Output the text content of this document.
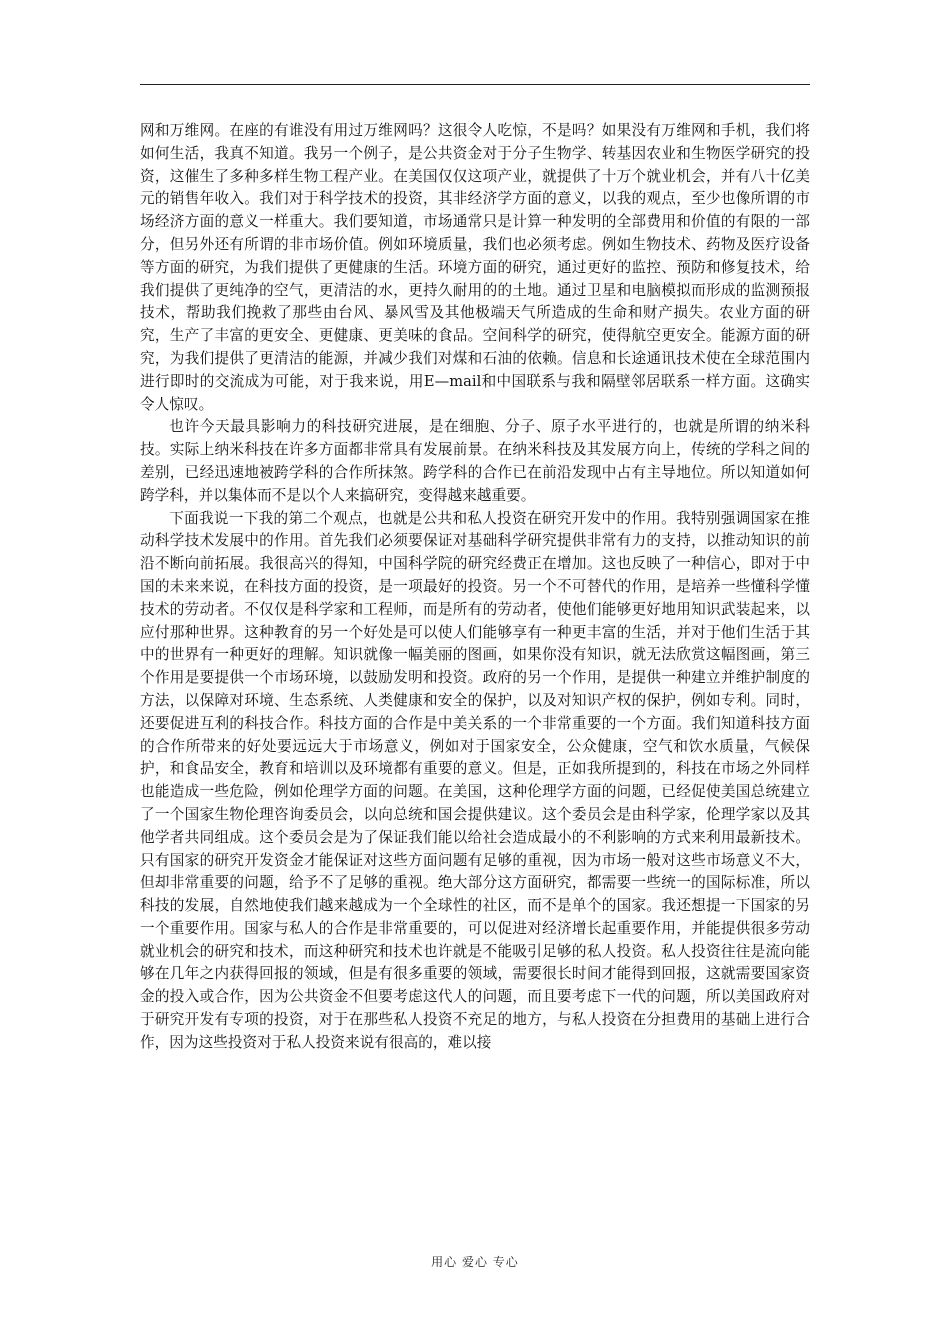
网和万维网。在座的有谁没有用过万维网吗？这很令人吃惊，不是吗？如果没有万维网和手机，我们将如何生活，我真不知道。我另一个例子，是公共资金对于分子生物学、转基因农业和生物医学研究的投资，这催生了多种多样生物工程产业。在美国仅仅这项产业，就提供了十万个就业机会，并有八十亿美元的销售年收入。我们对于科学技术的投资，其非经济学方面的意义，以我的观点，至少也像所谓的市场经济方面的意义一样重大。我们要知道，市场通常只是计算一种发明的全部费用和价值的有限的一部分，但另外还有所谓的非市场价值。例如环境质量，我们也必须考虑。例如生物技术、药物及医疗设备等方面的研究，为我们提供了更健康的生活。环境方面的研究，通过更好的监控、预防和修复技术，给我们提供了更纯净的空气，更清洁的水，更持久耐用的的土地。通过卫星和电脑模拟而形成的监测预报技术，帮助我们挽救了那些由台风、暴风雪及其他极端天气所造成的生命和财产损失。农业方面的研究，生产了丰富的更安全、更健康、更美味的食品。空间科学的研究，使得航空更安全。能源方面的研究，为我们提供了更清洁的能源，并减少我们对煤和石油的依赖。信息和长途通讯技术使在全球范围内进行即时的交流成为可能，对于我来说，用E—mail和中国联系与我和隔壁邻居联系一样方面。这确实令人惊叹。

也许今天最具影响力的科技研究进展，是在细胞、分子、原子水平进行的，也就是所谓的纳米科技。实际上纳米科技在许多方面都非常具有发展前景。在纳米科技及其发展方向上，传统的学科之间的差别，已经迅速地被跨学科的合作所抹煞。跨学科的合作已在前沿发现中占有主导地位。所以知道如何跨学科，并以集体而不是以个人来搞研究，变得越来越重要。

下面我说一下我的第二个观点，也就是公共和私人投资在研究开发中的作用。我特别强调国家在推动科学技术发展中的作用。首先我们必须要保证对基础科学研究提供非常有力的支持，以推动知识的前沿不断向前拓展。我很高兴的得知，中国科学院的研究经费正在增加。这也反映了一种信心，即对于中国的未来来说，在科技方面的投资，是一项最好的投资。另一个不可替代的作用，是培养一些懂科学懂技术的劳动者。不仅仅是科学家和工程师，而是所有的劳动者，使他们能够更好地用知识武装起来，以应付那种世界。这种教育的另一个好处是可以使人们能够享有一种更丰富的生活，并对于他们生活于其中的世界有一种更好的理解。知识就像一幅美丽的图画，如果你没有知识，就无法欣赏这幅图画，第三个作用是要提供一个市场环境，以鼓励发明和投资。政府的另一个作用，是提供一种建立并维护制度的方法，以保障对环境、生态系统、人类健康和安全的保护，以及对知识产权的保护，例如专利。同时，还要促进互利的科技合作。科技方面的合作是中美关系的一个非常重要的一个方面。我们知道科技方面的合作所带来的好处要远远大于市场意义，例如对于国家安全，公众健康，空气和饮水质量，气候保护，和食品安全，教育和培训以及环境都有重要的意义。但是，正如我所提到的，科技在市场之外同样也能造成一些危险，例如伦理学方面的问题。在美国，这种伦理学方面的问题，已经促使美国总统建立了一个国家生物伦理咨询委员会，以向总统和国会提供建议。这个委员会是由科学家，伦理学家以及其他学者共同组成。这个委员会是为了保证我们能以给社会造成最小的不利影响的方式来利用最新技术。只有国家的研究开发资金才能保证对这些方面问题有足够的重视，因为市场一般对这些市场意义不大，但却非常重要的问题，给予不了足够的重视。绝大部分这方面研究，都需要一些统一的国际标准，所以科技的发展，自然地使我们越来越成为一个全球性的社区，而不是单个的国家。我还想提一下国家的另一个重要作用。国家与私人的合作是非常重要的，可以促进对经济增长起重要作用，并能提供很多劳动就业机会的研究和技术，而这种研究和技术也许就是不能吸引足够的私人投资。私人投资往往是流向能够在几年之内获得回报的领域，但是有很多重要的领域，需要很长时间才能得到回报，这就需要国家资金的投入或合作，因为公共资金不但要考虑这代人的问题，而且要考虑下一代的问题，所以美国政府对于研究开发有专项的投资，对于在那些私人投资不充足的地方，与私人投资在分担费用的基础上进行合作，因为这些投资对于私人投资来说有很高的，难以接

用心 爱心 专心
